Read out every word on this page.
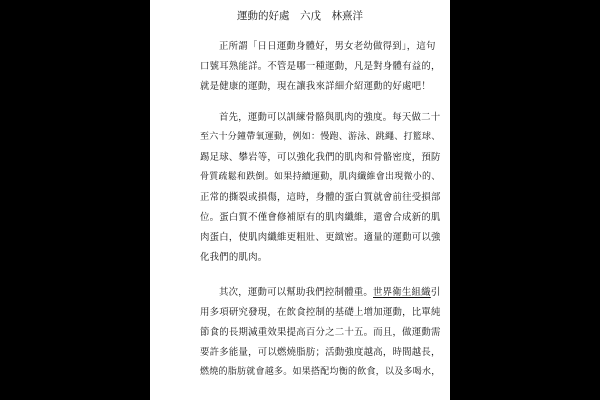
運動的好處　六戊　林熹洋
正所謂「日日運動身體好，男女老幼做得到」，這句
口號耳熟能詳。不管是哪一種運動，凡是對身體有益的，
就是健康的運動，現在讓我來詳細介紹運動的好處吧！
首先，運動可以訓練骨骼與肌肉的強度。每天做二十
至六十分鐘帶氧運動，例如：慢跑、游泳、跳繩、打籃球、
踢足球、攀岩等，可以強化我們的肌肉和骨骼密度，預防
骨質疏鬆和跌倒。如果持續運動，肌肉纖維會出現微小的、
正常的撕裂或損傷，這時，身體的蛋白質就會前往受損部
位。蛋白質不僅會修補原有的肌肉纖維，還會合成新的肌
肉蛋白，使肌肉纖維更粗壯、更緻密。適量的運動可以強
化我們的肌肉。
其次，運動可以幫助我們控制體重。世界衛生組織引
用多項研究發現，在飲食控制的基礎上增加運動，比單純
節食的長期減重效果提高百分之二十五。而且，做運動需
要許多能量，可以燃燒脂肪；活動強度越高，時間越長，
燃燒的脂肪就會越多。如果搭配均衡的飲食，以及多喝水，
